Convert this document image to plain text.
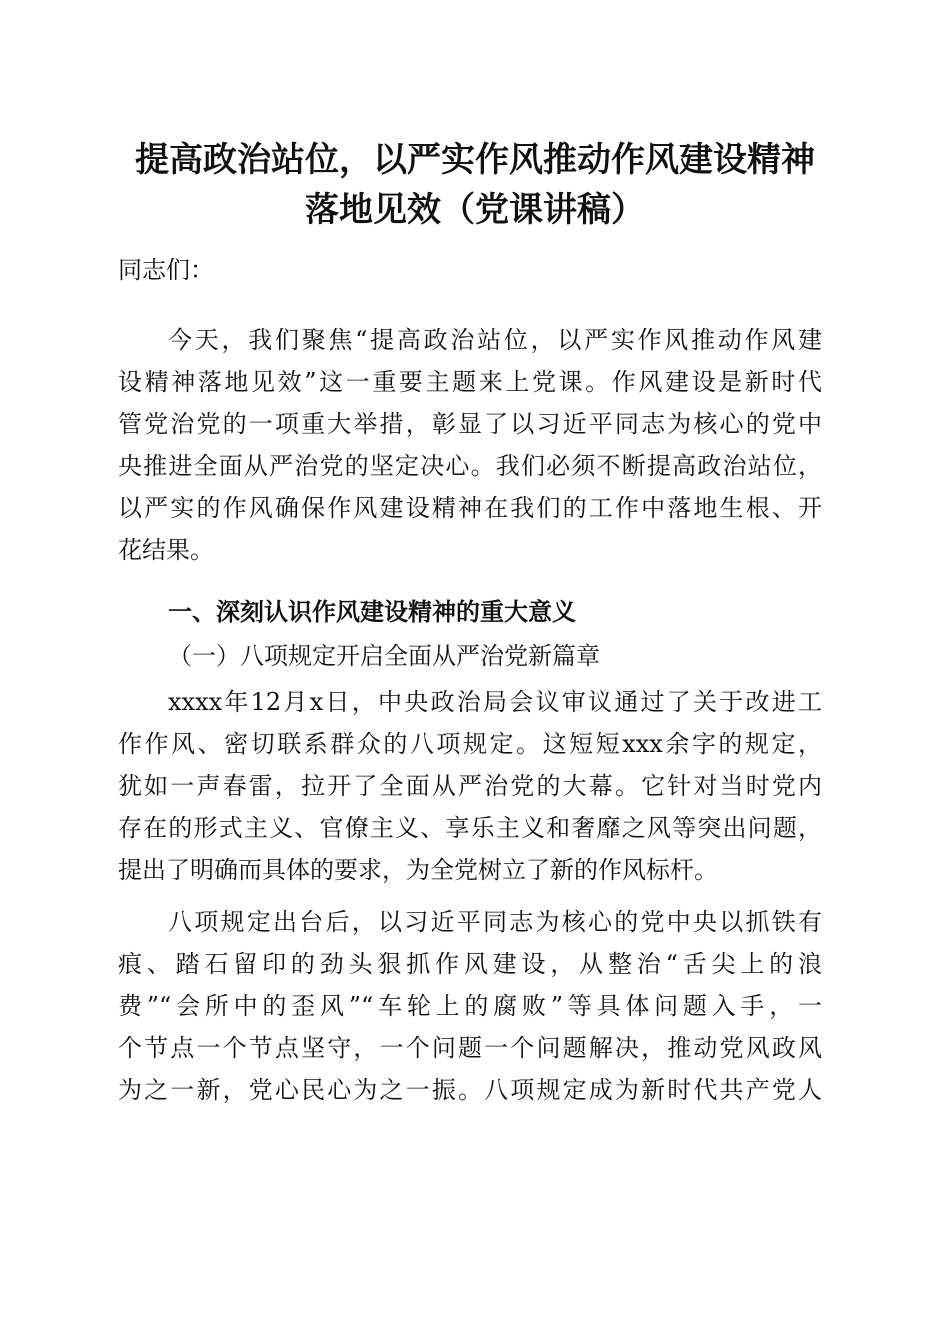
提高政治站位，以严实作风推动作风建设精神
落地见效（党课讲稿）
同志们：
今天，我们聚焦“提高政治站位，以严实作风推动作风建
设精神落地见效”这一重要主题来上党课。作风建设是新时代
管党治党的一项重大举措，彰显了以习近平同志为核心的党中
央推进全面从严治党的坚定决心。我们必须不断提高政治站位，
以严实的作风确保作风建设精神在我们的工作中落地生根、开
花结果。
一、深刻认识作风建设精神的重大意义
（一）八项规定开启全面从严治党新篇章
xxxx年12月x日，中央政治局会议审议通过了关于改进工
作作风、密切联系群众的八项规定。这短短xxx余字的规定，
犹如一声春雷，拉开了全面从严治党的大幕。它针对当时党内
存在的形式主义、官僚主义、享乐主义和奢靡之风等突出问题，
提出了明确而具体的要求，为全党树立了新的作风标杆。
八项规定出台后，以习近平同志为核心的党中央以抓铁有
痕、踏石留印的劲头狠抓作风建设，从整治“舌尖上的浪
费”“会所中的歪风”“车轮上的腐败”等具体问题入手，一
个节点一个节点坚守，一个问题一个问题解决，推动党风政风
为之一新，党心民心为之一振。八项规定成为新时代共产党人
